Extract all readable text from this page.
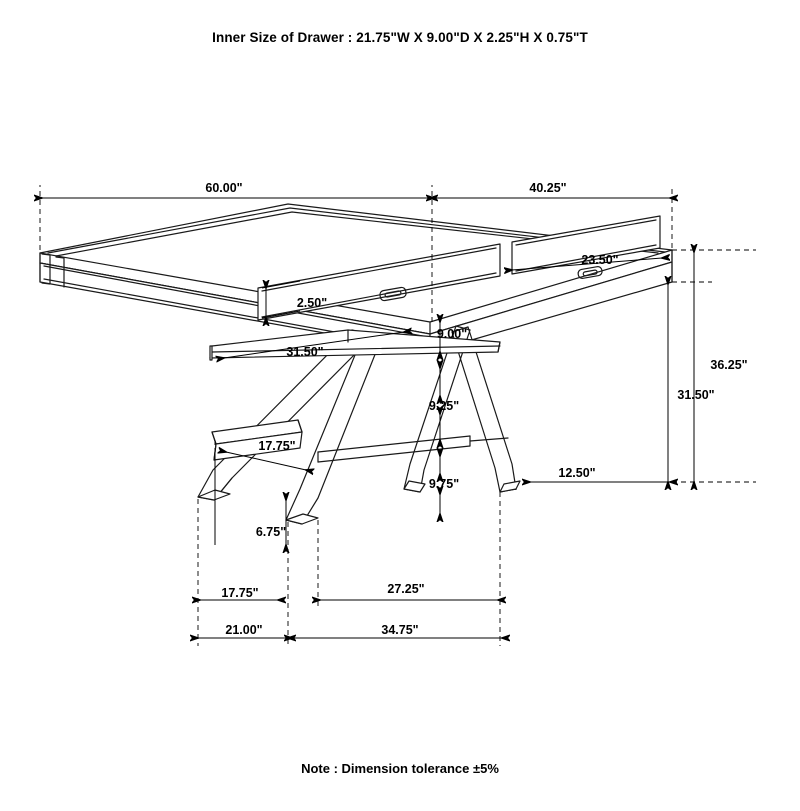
Inner Size of Drawer : 21.75"W X 9.00"D X 2.25"H X 0.75"T
60.00"	40.25"
23.50"
2.50"
9.00"
31.50"
36.25"
31.50"
9.25"
17.75"
9.75"
12.50"
6.75"
17.75"	27.25"
21.00"	34.75"
Note : Dimension tolerance ±5%
